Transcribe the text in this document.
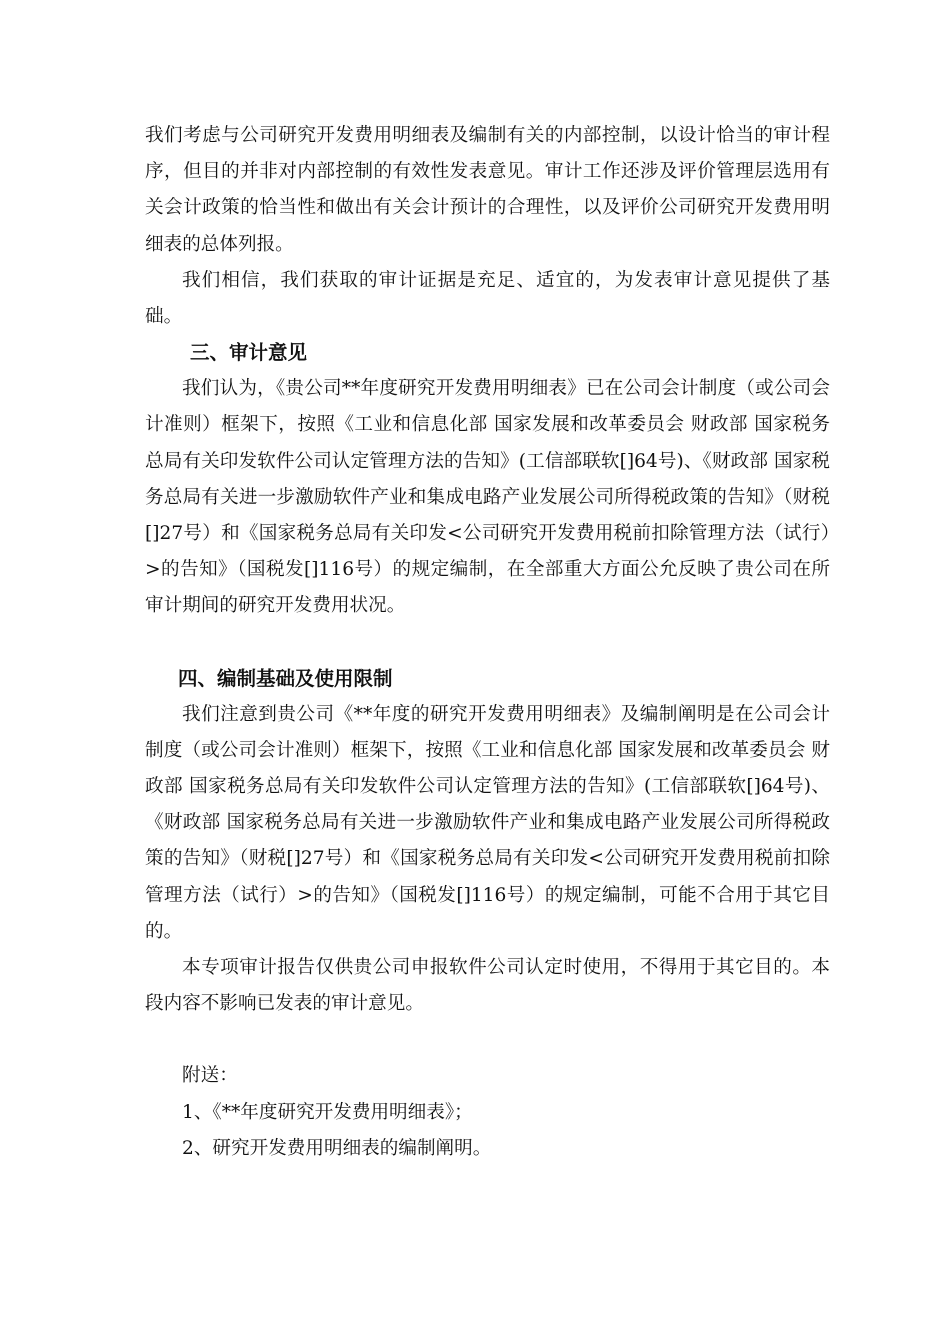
我们考虑与公司研究开发费用明细表及编制有关的内部控制，以设计恰当的审计程序，但目的并非对内部控制的有效性发表意见。审计工作还涉及评价管理层选用有关会计政策的恰当性和做出有关会计预计的合理性，以及评价公司研究开发费用明细表的总体列报。

我们相信，我们获取的审计证据是充足、适宜的，为发表审计意见提供了基础。

三、审计意见

我们认为，《贵公司**年度研究开发费用明细表》已在公司会计制度（或公司会计准则）框架下，按照《工业和信息化部 国家发展和改革委员会 财政部 国家税务总局有关印发软件公司认定管理方法的告知》(工信部联软[]64号)、《财政部 国家税务总局有关进一步激励软件产业和集成电路产业发展公司所得税政策的告知》（财税[]27号）和《国家税务总局有关印发<公司研究开发费用税前扣除管理方法（试行）>的告知》（国税发[]116号）的规定编制，在全部重大方面公允反映了贵公司在所审计期间的研究开发费用状况。

四、编制基础及使用限制

我们注意到贵公司《**年度的研究开发费用明细表》及编制阐明是在公司会计制度（或公司会计准则）框架下，按照《工业和信息化部 国家发展和改革委员会 财政部 国家税务总局有关印发软件公司认定管理方法的告知》(工信部联软[]64号)、《财政部 国家税务总局有关进一步激励软件产业和集成电路产业发展公司所得税政策的告知》（财税[]27号）和《国家税务总局有关印发<公司研究开发费用税前扣除管理方法（试行）>的告知》（国税发[]116号）的规定编制，可能不合用于其它目的。

本专项审计报告仅供贵公司申报软件公司认定时使用，不得用于其它目的。本段内容不影响已发表的审计意见。

附送：

1、《**年度研究开发费用明细表》；

2、研究开发费用明细表的编制阐明。
